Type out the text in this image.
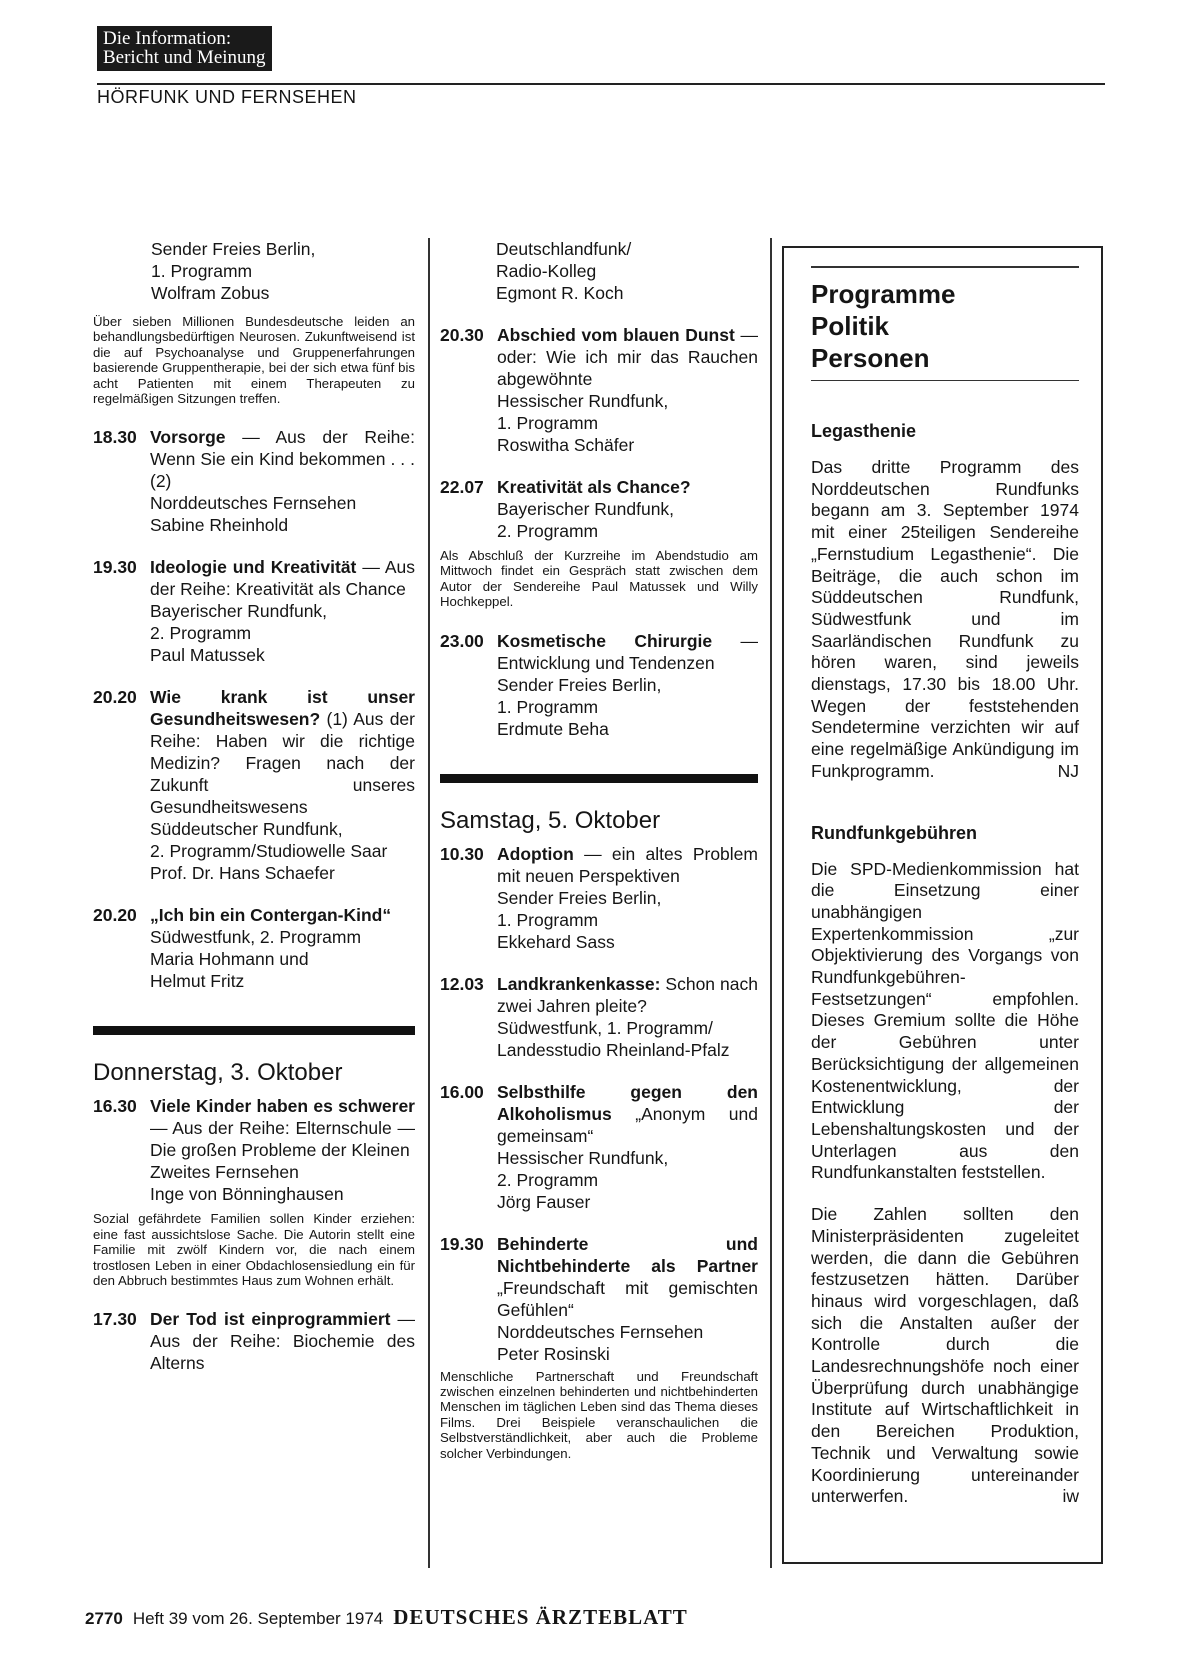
Die Information:
Bericht und Meinung
HÖRFUNK UND FERNSEHEN
Sender Freies Berlin,
1. Programm
Wolfram Zobus

Über sieben Millionen Bundesdeutsche leiden an behandlungsbedürftigen Neurosen. Zukunftweisend ist die auf Psychoanalyse und Gruppenerfahrungen basierende Gruppentherapie, bei der sich etwa fünf bis acht Patienten mit einem Therapeuten zu regelmäßigen Sitzungen treffen.

18.30 Vorsorge — Aus der Reihe: Wenn Sie ein Kind bekommen . . . (2)
Norddeutsches Fernsehen
Sabine Rheinhold
19.30 Ideologie und Kreativität — Aus der Reihe: Kreativität als Chance
Bayerischer Rundfunk,
2. Programm
Paul Matussek
20.20 Wie krank ist unser Gesundheitswesen? (1) Aus der Reihe: Haben wir die richtige Medizin? Fragen nach der Zukunft unseres Gesundheitswesens
Süddeutscher Rundfunk,
2. Programm/Studiowelle Saar
Prof. Dr. Hans Schaefer
20.20 „Ich bin ein Contergan-Kind“
Südwestfunk, 2. Programm
Maria Hohmann und
Helmut Fritz
Donnerstag, 3. Oktober
16.30 Viele Kinder haben es schwerer — Aus der Reihe: Elternschule — Die großen Probleme der Kleinen
Zweites Fernsehen
Inge von Bönninghausen

Sozial gefährdete Familien sollen Kinder erziehen: eine fast aussichtslose Sache. Die Autorin stellt eine Familie mit zwölf Kindern vor, die nach einem trostlosen Leben in einer Obdachlosensiedlung ein für den Abbruch bestimmtes Haus zum Wohnen erhält.

17.30 Der Tod ist einprogrammiert — Aus der Reihe: Biochemie des Alterns
Deutschlandfunk/
Radio-Kolleg
Egmont R. Koch
20.30 Abschied vom blauen Dunst — oder: Wie ich mir das Rauchen abgewöhnte
Hessischer Rundfunk,
1. Programm
Roswitha Schäfer
22.07 Kreativität als Chance?
Bayerischer Rundfunk,
2. Programm

Als Abschluß der Kurzreihe im Abendstudio am Mittwoch findet ein Gespräch statt zwischen dem Autor der Sendereihe Paul Matussek und Willy Hochkeppel.

23.00 Kosmetische Chirurgie — Entwicklung und Tendenzen
Sender Freies Berlin,
1. Programm
Erdmute Beha
Samstag, 5. Oktober
10.30 Adoption — ein altes Problem mit neuen Perspektiven
Sender Freies Berlin,
1. Programm
Ekkehard Sass
12.03 Landkrankenkasse: Schon nach zwei Jahren pleite?
Südwestfunk, 1. Programm/
Landesstudio Rheinland-Pfalz
16.00 Selbsthilfe gegen den Alkoholismus „Anonym und gemeinsam“
Hessischer Rundfunk,
2. Programm
Jörg Fauser
19.30 Behinderte und Nichtbehinderte als Partner „Freundschaft mit gemischten Gefühlen“
Norddeutsches Fernsehen
Peter Rosinski

Menschliche Partnerschaft und Freundschaft zwischen einzelnen behinderten und nichtbehinderten Menschen im täglichen Leben sind das Thema dieses Films. Drei Beispiele veranschaulichen die Selbstverständlichkeit, aber auch die Probleme solcher Verbindungen.

Programme
Politik
Personen
Legasthenie

Das dritte Programm des Norddeutschen Rundfunks begann am 3. September 1974 mit einer 25teiligen Sendereihe „Fernstudium Legasthenie“. Die Beiträge, die auch schon im Süddeutschen Rundfunk, Südwestfunk und im Saarländischen Rundfunk zu hören waren, sind jeweils dienstags, 17.30 bis 18.00 Uhr. Wegen der feststehenden Sendetermine verzichten wir auf eine regelmäßige Ankündigung im Funkprogramm.	NJ

Rundfunkgebühren

Die SPD-Medienkommission hat die Einsetzung einer unabhängigen Expertenkommission „zur Objektivierung des Vorgangs von Rundfunkgebühren-Festsetzungen“ empfohlen. Dieses Gremium sollte die Höhe der Gebühren unter Berücksichtigung der allgemeinen Kostenentwicklung, der Entwicklung der Lebenshaltungskosten und der Unterlagen aus den Rundfunkanstalten feststellen.

Die Zahlen sollten den Ministerpräsidenten zugeleitet werden, die dann die Gebühren festzusetzen hätten. Darüber hinaus wird vorgeschlagen, daß sich die Anstalten außer der Kontrolle durch die Landesrechnungshöfe noch einer Überprüfung durch unabhängige Institute auf Wirtschaftlichkeit in den Bereichen Produktion, Technik und Verwaltung sowie Koordinierung untereinander unterwerfen.	iw

2770 Heft 39 vom 26. September 1974 DEUTSCHES ÄRZTEBLATT
